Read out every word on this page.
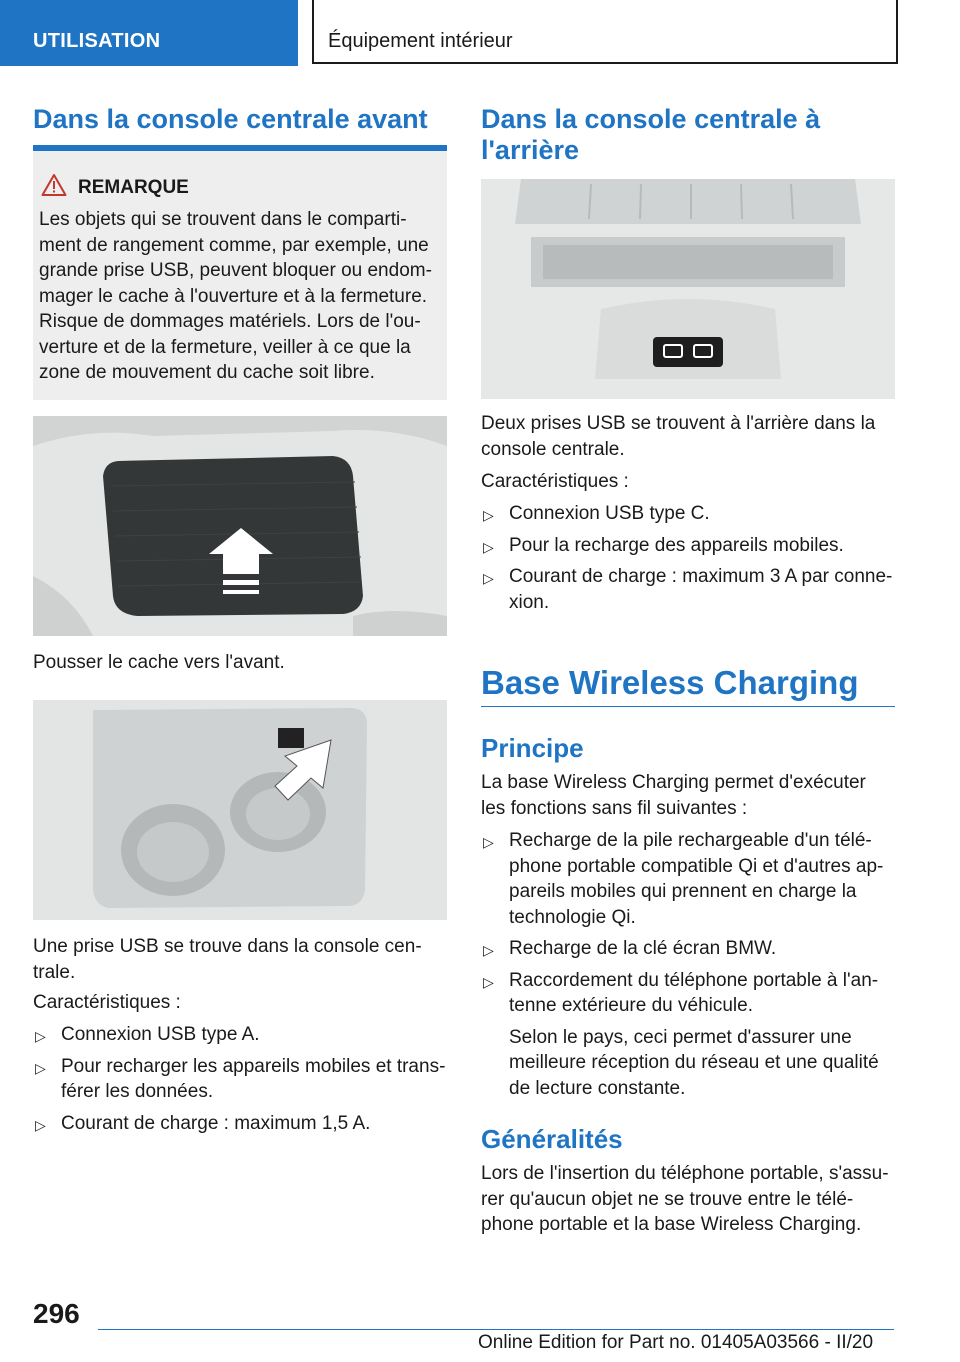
UTILISATION	Équipement intérieur
Dans la console centrale avant
REMARQUE
Les objets qui se trouvent dans le comparti-ment de rangement comme, par exemple, une grande prise USB, peuvent bloquer ou endom-mager le cache à l'ouverture et à la fermeture. Risque de dommages matériels. Lors de l'ou-verture et de la fermeture, veiller à ce que la zone de mouvement du cache soit libre.

Pousser le cache vers l'avant.

Une prise USB se trouve dans la console cen-trale.

Caractéristiques :

▷ Connexion USB type A.
▷ Pour recharger les appareils mobiles et trans-férer les données.
▷ Courant de charge : maximum 1,5 A.
Dans la console centrale à l'arrière

Deux prises USB se trouvent à l'arrière dans la console centrale.

Caractéristiques :

▷ Connexion USB type C.
▷ Pour la recharge des appareils mobiles.
▷ Courant de charge : maximum 3 A par conne-xion.
Base Wireless Charging
Principe

La base Wireless Charging permet d'exécuter les fonctions sans fil suivantes :

▷ Recharge de la pile rechargeable d'un télé-phone portable compatible Qi et d'autres ap-pareils mobiles qui prennent en charge la technologie Qi.
▷ Recharge de la clé écran BMW.
▷ Raccordement du téléphone portable à l'an-tenne extérieure du véhicule.
Selon le pays, ceci permet d'assurer une meilleure réception du réseau et une qualité de lecture constante.
Généralités

Lors de l'insertion du téléphone portable, s'assu-rer qu'aucun objet ne se trouve entre le télé-phone portable et la base Wireless Charging.

296
Online Edition for Part no. 01405A03566 - II/20
